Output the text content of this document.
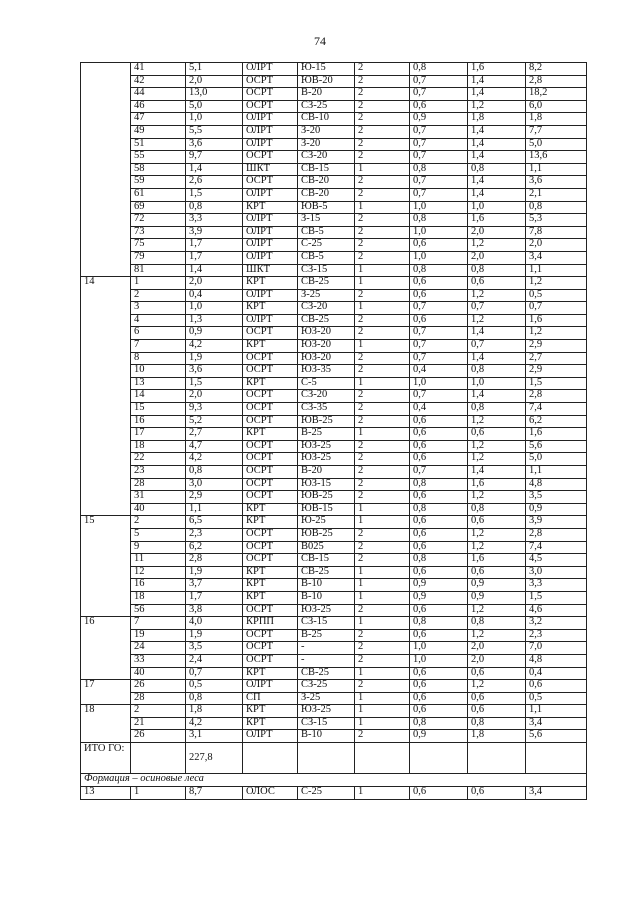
74
	41	5,1	ОЛРТ	Ю-15	2	0,8	1,6	8,2
	42	2,0	ОСРТ	ЮВ-20	2	0,7	1,4	2,8
	44	13,0	ОСРТ	В-20	2	0,7	1,4	18,2
	46	5,0	ОСРТ	СЗ-25	2	0,6	1,2	6,0
	47	1,0	ОЛРТ	СВ-10	2	0,9	1,8	1,8
	49	5,5	ОЛРТ	З-20	2	0,7	1,4	7,7
	51	3,6	ОЛРТ	З-20	2	0,7	1,4	5,0
	55	9,7	ОСРТ	СЗ-20	2	0,7	1,4	13,6
	58	1,4	ШКТ	СВ-15	1	0,8	0,8	1,1
	59	2,6	ОСРТ	СВ-20	2	0,7	1,4	3,6
	61	1,5	ОЛРТ	СВ-20	2	0,7	1,4	2,1
	69	0,8	КРТ	ЮВ-5	1	1,0	1,0	0,8
	72	3,3	ОЛРТ	З-15	2	0,8	1,6	5,3
	73	3,9	ОЛРТ	СВ-5	2	1,0	2,0	7,8
	75	1,7	ОЛРТ	С-25	2	0,6	1,2	2,0
	79	1,7	ОЛРТ	СВ-5	2	1,0	2,0	3,4
	81	1,4	ШКТ	СЗ-15	1	0,8	0,8	1,1
14	1	2,0	КРТ	СВ-25	1	0,6	0,6	1,2
	2	0,4	ОЛРТ	З-25	2	0,6	1,2	0,5
	3	1,0	КРТ	СЗ-20	1	0,7	0,7	0,7
	4	1,3	ОЛРТ	СВ-25	2	0,6	1,2	1,6
	6	0,9	ОСРТ	ЮЗ-20	2	0,7	1,4	1,2
	7	4,2	КРТ	ЮЗ-20	1	0,7	0,7	2,9
	8	1,9	ОСРТ	ЮЗ-20	2	0,7	1,4	2,7
	10	3,6	ОСРТ	ЮЗ-35	2	0,4	0,8	2,9
	13	1,5	КРТ	С-5	1	1,0	1,0	1,5
	14	2,0	ОСРТ	СЗ-20	2	0,7	1,4	2,8
	15	9,3	ОСРТ	СЗ-35	2	0,4	0,8	7,4
	16	5,2	ОСРТ	ЮВ-25	2	0,6	1,2	6,2
	17	2,7	КРТ	В-25	1	0,6	0,6	1,6
	18	4,7	ОСРТ	ЮЗ-25	2	0,6	1,2	5,6
	22	4,2	ОСРТ	ЮЗ-25	2	0,6	1,2	5,0
	23	0,8	ОСРТ	В-20	2	0,7	1,4	1,1
	28	3,0	ОСРТ	ЮЗ-15	2	0,8	1,6	4,8
	31	2,9	ОСРТ	ЮВ-25	2	0,6	1,2	3,5
	40	1,1	КРТ	ЮВ-15	1	0,8	0,8	0,9
15	2	6,5	КРТ	Ю-25	1	0,6	0,6	3,9
	5	2,3	ОСРТ	ЮВ-25	2	0,6	1,2	2,8
	9	6,2	ОСРТ	В025	2	0,6	1,2	7,4
	11	2,8	ОСРТ	СВ-15	2	0,8	1,6	4,5
	12	1,9	КРТ	СВ-25	1	0,6	0,6	3,0
	16	3,7	КРТ	В-10	1	0,9	0,9	3,3
	18	1,7	КРТ	В-10	1	0,9	0,9	1,5
	56	3,8	ОСРТ	ЮЗ-25	2	0,6	1,2	4,6
16	7	4,0	КРПП	СЗ-15	1	0,8	0,8	3,2
	19	1,9	ОСРТ	В-25	2	0,6	1,2	2,3
	24	3,5	ОСРТ	-	2	1,0	2,0	7,0
	33	2,4	ОСРТ	-	2	1,0	2,0	4,8
	40	0,7	КРТ	СВ-25	1	0,6	0,6	0,4
17	26	0,5	ОЛРТ	СЗ-25	2	0,6	1,2	0,6
	28	0,8	СП	З-25	1	0,6	0,6	0,5
18	2	1,8	КРТ	ЮЗ-25	1	0,6	0,6	1,1
	21	4,2	КРТ	СЗ-15	1	0,8	0,8	3,4
	26	3,1	ОЛРТ	В-10	2	0,9	1,8	5,6
ИТО ГО:		227,8						
Формация – осиновые леса								
13	1	8,7	ОЛОС	С-25	1	0,6	0,6	3,4
